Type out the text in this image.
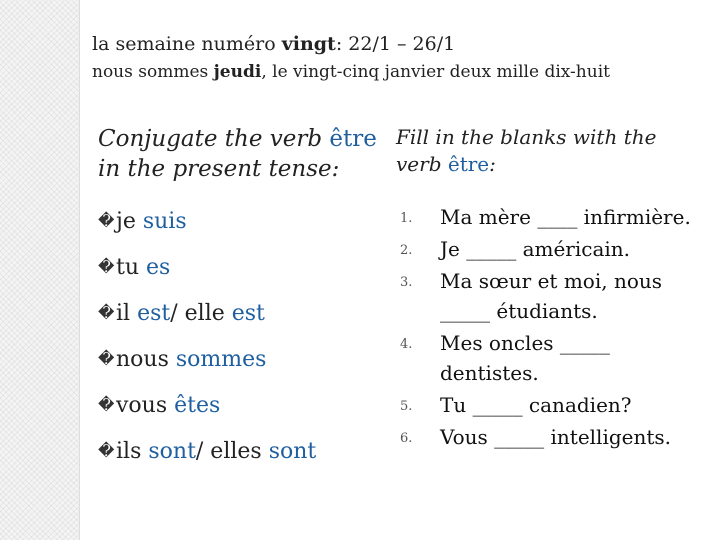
la semaine numéro vingt: 22/1 – 26/1
nous sommes jeudi, le vingt-cinq janvier deux mille dix-huit

Conjugate the verb être
in the present tense:

�je suis
�tu es
�il est/ elle est
�nous sommes
�vous êtes
�ils sont/ elles sont

Fill in the blanks with the verb être:

1. Ma mère ____ infirmière.
2. Je _____ américain.
3. Ma sœur et moi, nous _____ étudiants.
4. Mes oncles _____ dentistes.
5. Tu _____ canadien?
6. Vous _____ intelligents.
